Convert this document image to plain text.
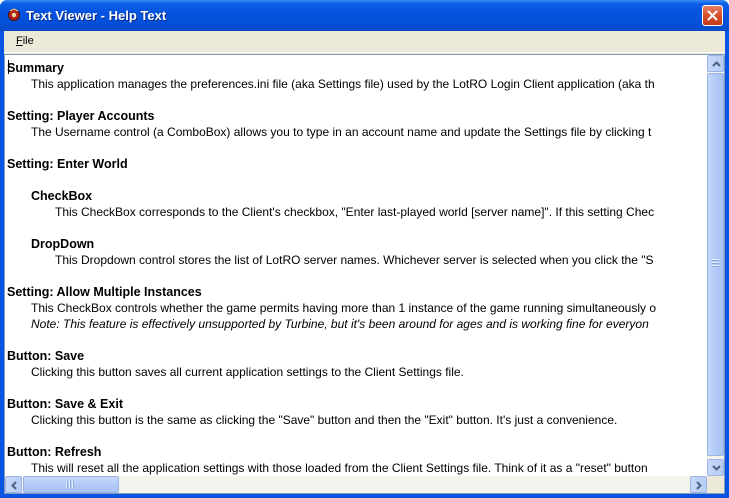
Text Viewer - Help Text
File
Summary
This application manages the preferences.ini file (aka Settings file) used by the LotRO Login Client application (aka th
Setting: Player Accounts
The Username control (a ComboBox) allows you to type in an account name and update the Settings file by clicking t
Setting: Enter World
CheckBox
This CheckBox corresponds to the Client's checkbox, "Enter last-played world [server name]". If this setting Chec
DropDown
This Dropdown control stores the list of LotRO server names. Whichever server is selected when you click the "S
Setting: Allow Multiple Instances
This CheckBox controls whether the game permits having more than 1 instance of the game running simultaneously o
Note: This feature is effectively unsupported by Turbine, but it's been around for ages and is working fine for everyon
Button: Save
Clicking this button saves all current application settings to the Client Settings file.
Button: Save & Exit
Clicking this button is the same as clicking the "Save" button and then the "Exit" button. It's just a convenience.
Button: Refresh
This will reset all the application settings with those loaded from the Client Settings file. Think of it as a "reset" button
